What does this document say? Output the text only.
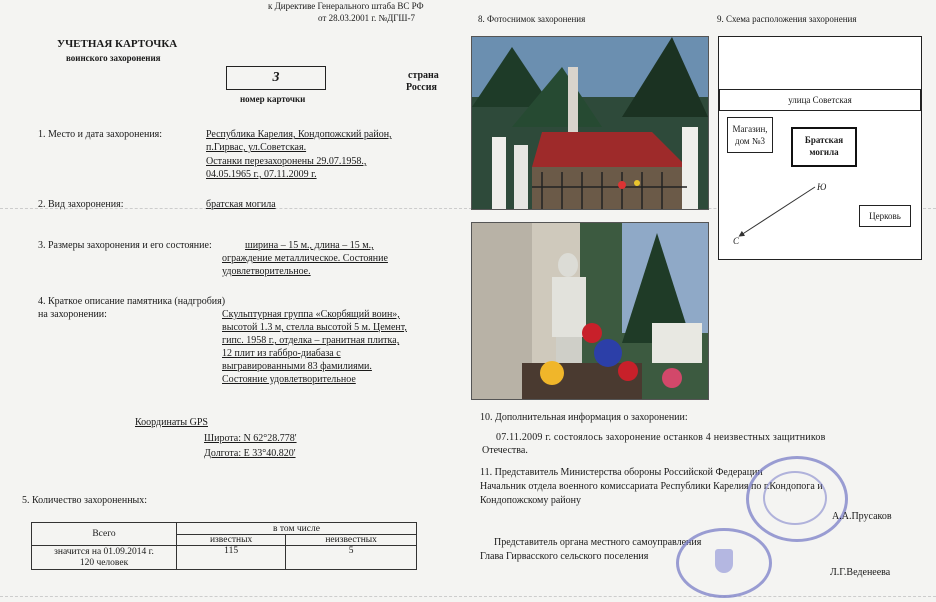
к Директиве Генерального штаба ВС РФ
от 28.03.2001 г. №ДГШ-7
УЧЕТНАЯ КАРТОЧКА
воинского захоронения
3
номер карточки
страна
Россия
1. Место и дата захоронения:	Республика Карелия, Кондопожский район,
п.Гирвас, ул.Советская.
Останки перезахоронены 29.07.1958.,
04.05.1965 г., 07.11.2009 г.
2. Вид захоронения:	братская могила
3. Размеры захоронения и его состояние:	ширина – 15 м., длина – 15 м.,
ограждение металлическое. Состояние
удовлетворительное.
4. Краткое описание памятника (надгробия)
на захоронении:	Скульптурная группа «Скорбящий воин»,
высотой 1.3 м, стелла высотой 5 м. Цемент,
гипс. 1958 г., отделка – гранитная плитка,
12 плит из габбро-диабаза с
выгравированными 83 фамилиями.
Состояние удовлетворительное
Координаты GPS
Широта: N 62°28.778'
Долгота: E 33°40.820'
5. Количество захороненных:
Всего	в том числе	
	известных	неизвестных

значится на 01.09.2014 г.
120 человек	115	5
8. Фотоснимок захоронения	9. Схема расположения захоронения
улица Советская
Магазин,
дом №3	Братская
могила
Церковь
Ю
С
10. Дополнительная информация о захоронении:
07.11.2009 г. состоялось захоронение останков 4 неизвестных защитников
Отечества.
11. Представитель Министерства обороны Российской Федерации
Начальник отдела военного комиссариата Республики Карелия по г.Кондопога и
Кондопожскому району
А.А.Прусаков
Представитель органа местного самоуправления
Глава Гирвасского сельского поселения
Л.Г.Веденеева
